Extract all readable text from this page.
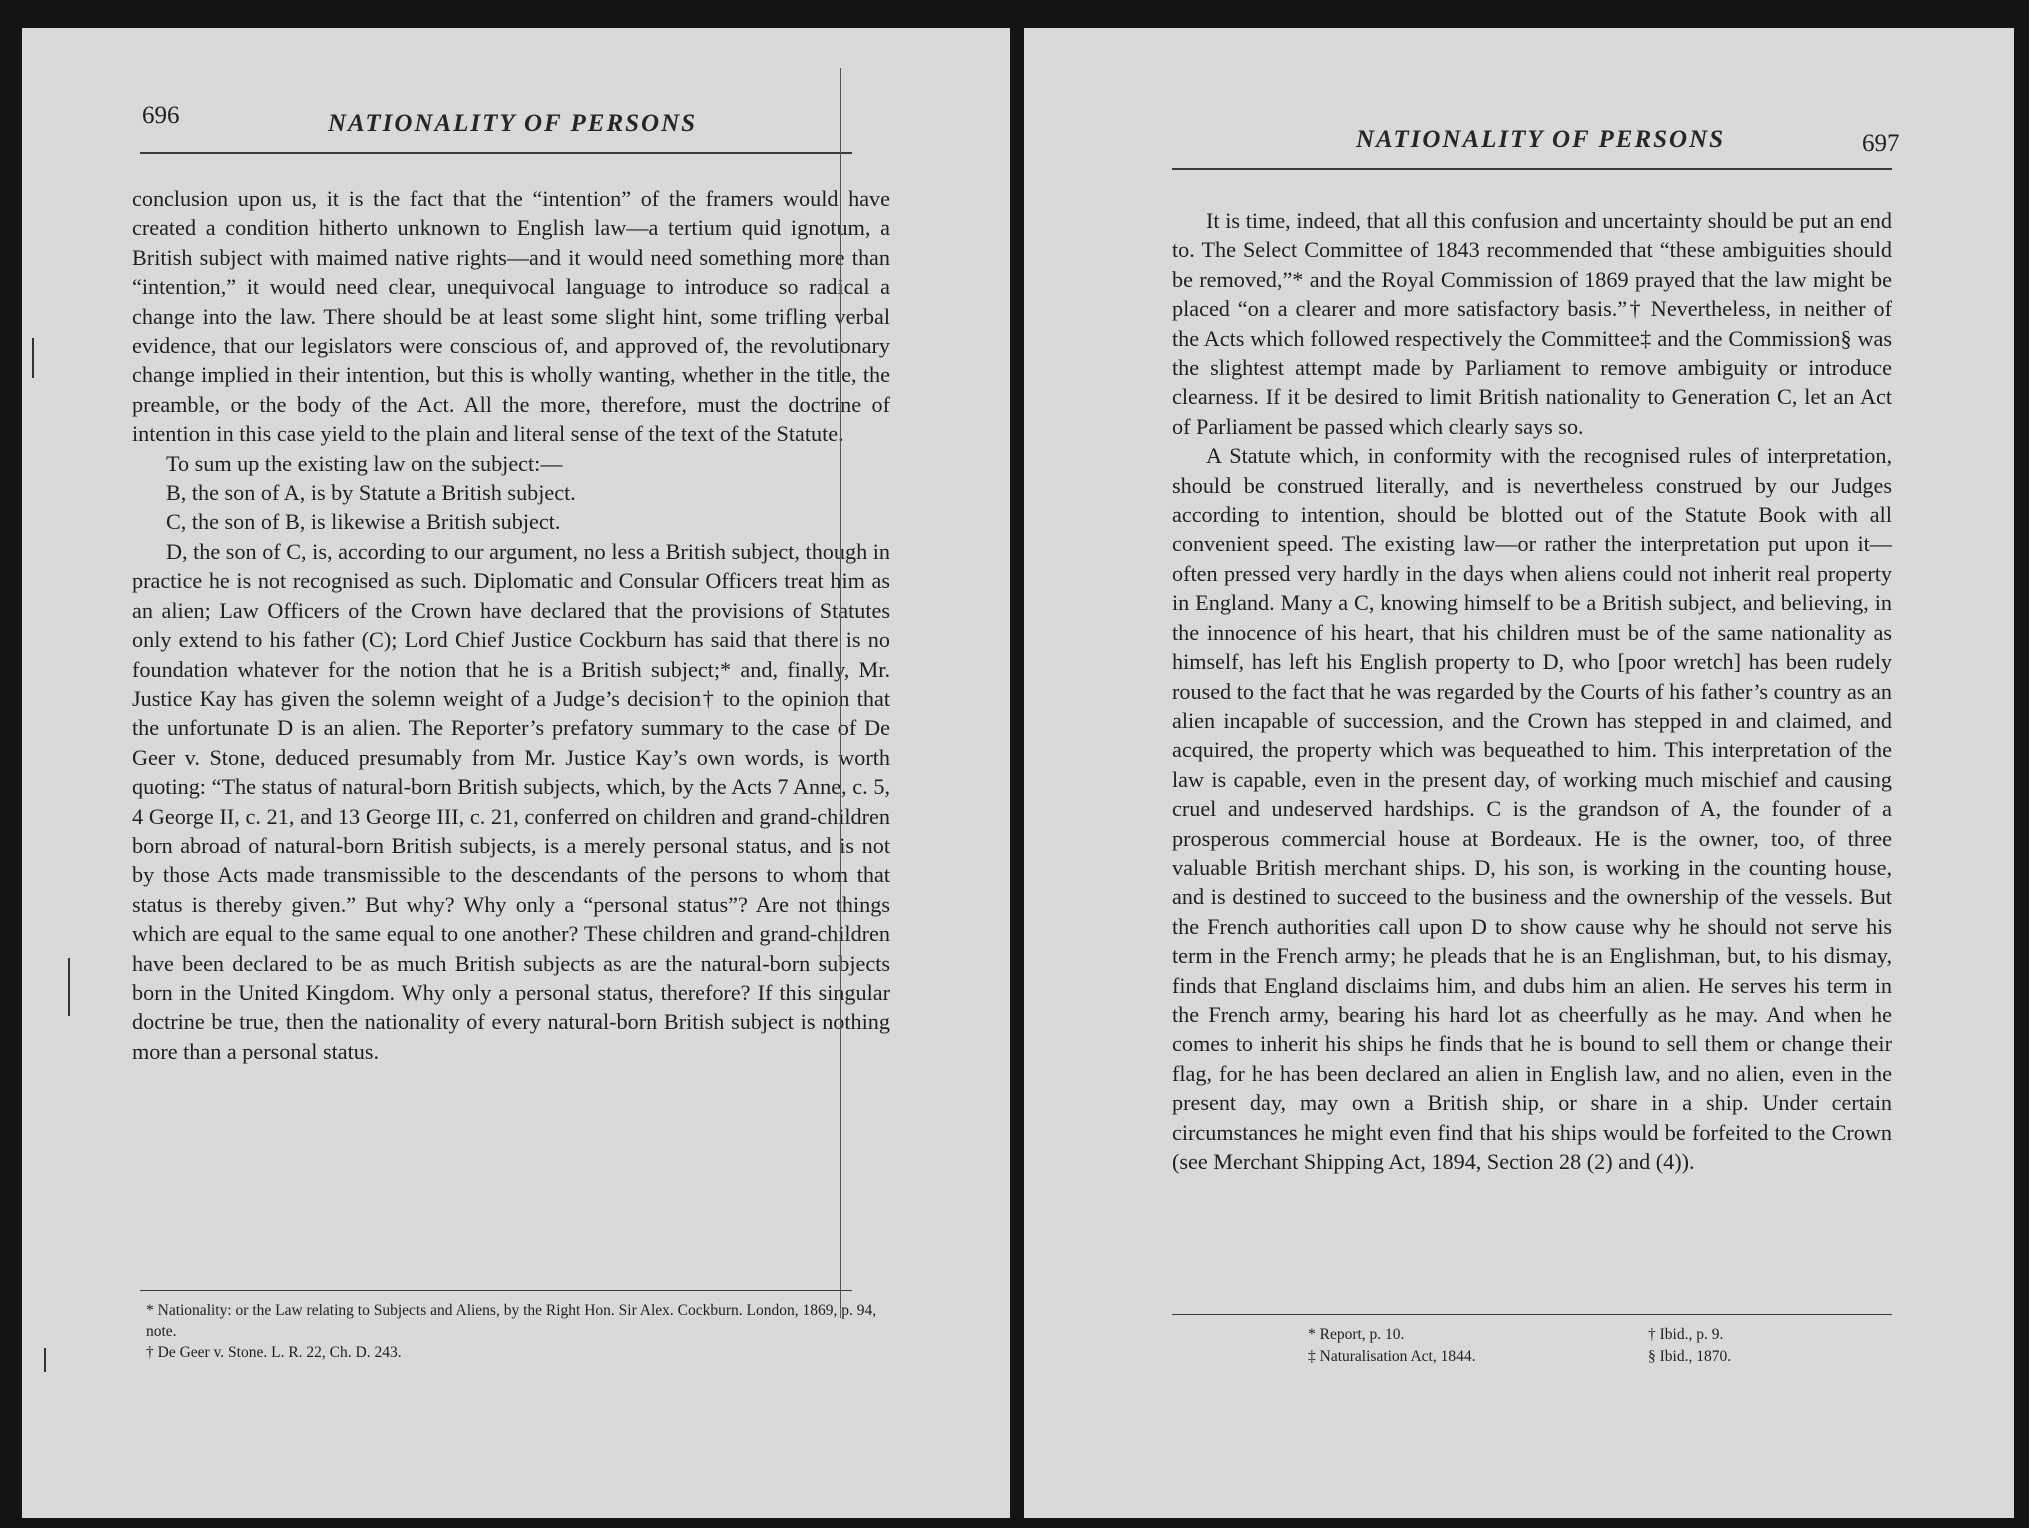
696	NATIONALITY OF PERSONS

conclusion upon us, it is the fact that the “intention” of the framers would have created a condition hitherto unknown to English law—a tertium quid ignotum, a British subject with maimed native rights—and it would need something more than “intention,” it would need clear, unequivocal language to introduce so radical a change into the law. There should be at least some slight hint, some trifling verbal evidence, that our legislators were conscious of, and approved of, the revolutionary change implied in their intention, but this is wholly wanting, whether in the title, the preamble, or the body of the Act. All the more, therefore, must the doctrine of intention in this case yield to the plain and literal sense of the text of the Statute.

To sum up the existing law on the subject:—

B, the son of A, is by Statute a British subject.

C, the son of B, is likewise a British subject.

D, the son of C, is, according to our argument, no less a British subject, though in practice he is not recognised as such. Diplomatic and Consular Officers treat him as an alien; Law Officers of the Crown have declared that the provisions of Statutes only extend to his father (C); Lord Chief Justice Cockburn has said that there is no foundation whatever for the notion that he is a British subject;* and, finally, Mr. Justice Kay has given the solemn weight of a Judge’s decision† to the opinion that the unfortunate D is an alien. The Reporter’s prefatory summary to the case of De Geer v. Stone, deduced presumably from Mr. Justice Kay’s own words, is worth quoting: “The status of natural-born British subjects, which, by the Acts 7 Anne, c. 5, 4 George II, c. 21, and 13 George III, c. 21, conferred on children and grand-children born abroad of natural-born British subjects, is a merely personal status, and is not by those Acts made transmissible to the descendants of the persons to whom that status is thereby given.” But why? Why only a “personal status”? Are not things which are equal to the same equal to one another? These children and grand-children have been declared to be as much British subjects as are the natural-born subjects born in the United Kingdom. Why only a personal status, therefore? If this singular doctrine be true, then the nationality of every natural-born British subject is nothing more than a personal status.

* Nationality: or the Law relating to Subjects and Aliens, by the Right Hon. Sir Alex. Cockburn. London, 1869, p. 94, note.
† De Geer v. Stone. L. R. 22, Ch. D. 243.
NATIONALITY OF PERSONS	697

It is time, indeed, that all this confusion and uncertainty should be put an end to. The Select Committee of 1843 recommended that “these ambiguities should be removed,”* and the Royal Commission of 1869 prayed that the law might be placed “on a clearer and more satisfactory basis.”† Nevertheless, in neither of the Acts which followed respectively the Committee‡ and the Commission§ was the slightest attempt made by Parliament to remove ambiguity or introduce clearness. If it be desired to limit British nationality to Generation C, let an Act of Parliament be passed which clearly says so.

A Statute which, in conformity with the recognised rules of interpretation, should be construed literally, and is nevertheless construed by our Judges according to intention, should be blotted out of the Statute Book with all convenient speed. The existing law—or rather the interpretation put upon it—often pressed very hardly in the days when aliens could not inherit real property in England. Many a C, knowing himself to be a British subject, and believing, in the innocence of his heart, that his children must be of the same nationality as himself, has left his English property to D, who [poor wretch] has been rudely roused to the fact that he was regarded by the Courts of his father’s country as an alien incapable of succession, and the Crown has stepped in and claimed, and acquired, the property which was bequeathed to him. This interpretation of the law is capable, even in the present day, of working much mischief and causing cruel and undeserved hardships. C is the grandson of A, the founder of a prosperous commercial house at Bordeaux. He is the owner, too, of three valuable British merchant ships. D, his son, is working in the counting house, and is destined to succeed to the business and the ownership of the vessels. But the French authorities call upon D to show cause why he should not serve his term in the French army; he pleads that he is an Englishman, but, to his dismay, finds that England disclaims him, and dubs him an alien. He serves his term in the French army, bearing his hard lot as cheerfully as he may. And when he comes to inherit his ships he finds that he is bound to sell them or change their flag, for he has been declared an alien in English law, and no alien, even in the present day, may own a British ship, or share in a ship. Under certain circumstances he might even find that his ships would be forfeited to the Crown (see Merchant Shipping Act, 1894, Section 28 (2) and (4)).

* Report, p. 10.	† Ibid., p. 9.
‡ Naturalisation Act, 1844.	§ Ibid., 1870.
